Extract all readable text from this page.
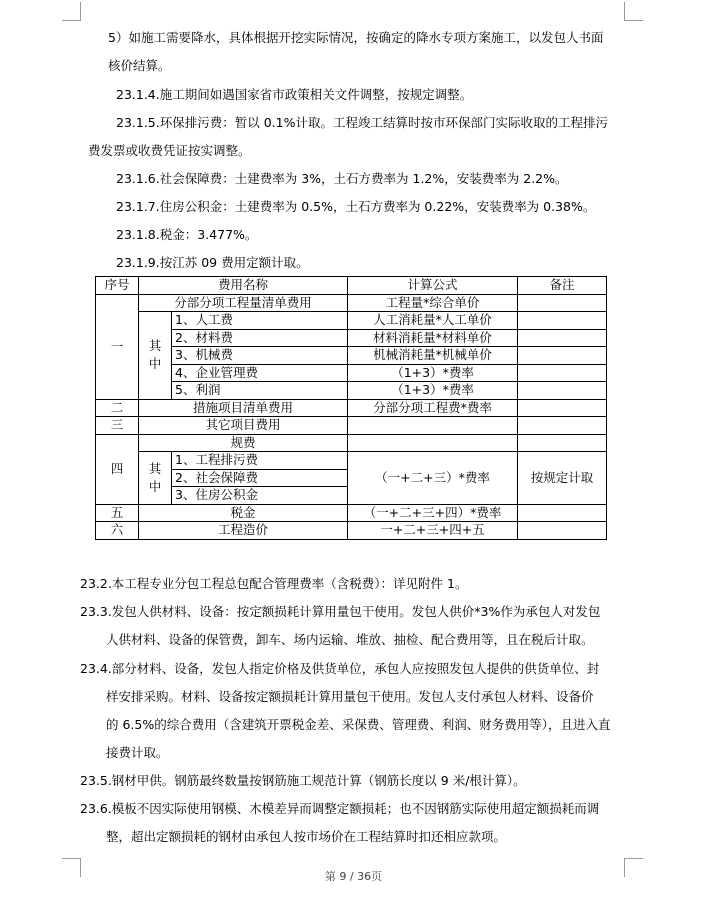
5）如施工需要降水，具体根据开挖实际情况，按确定的降水专项方案施工，以发包人书面
核价结算。
23.1.4.施工期间如遇国家省市政策相关文件调整，按规定调整。
23.1.5.环保排污费：暂以 0.1%计取。工程竣工结算时按市环保部门实际收取的工程排污
费发票或收费凭证按实调整。
23.1.6.社会保障费：土建费率为 3%，土石方费率为 1.2%，安装费率为 2.2%。
23.1.7.住房公积金：土建费率为 0.5%，土石方费率为 0.22%，安装费率为 0.38%。
23.1.8.税金：3.477%。
23.1.9.按江苏 09 费用定额计取。
序号	费用名称		计算公式	备注
一	分部分项工程量清单费用		工程量*综合单价	
	其中	1、人工费	人工消耗量*人工单价	
		2、材料费	材料消耗量*材料单价	
		3、机械费	机械消耗量*机械单价	
		4、企业管理费	（1+3）*费率	
		5、利润	（1+3）*费率	
二	措施项目清单费用		分部分项工程费*费率	
三	其它项目费用			
四	规费			
	其中	1、工程排污费	（一+二+三）*费率	按规定计取
		2、社会保障费		
		3、住房公积金		
五	税金		（一+二+三+四）*费率	
六	工程造价		一+二+三+四+五	
23.2.本工程专业分包工程总包配合管理费率（含税费）：详见附件 1。
23.3.发包人供材料、设备：按定额损耗计算用量包干使用。发包人供价*3%作为承包人对发包
人供材料、设备的保管费，卸车、场内运输、堆放、抽检、配合费用等，且在税后计取。
23.4.部分材料、设备，发包人指定价格及供货单位，承包人应按照发包人提供的供货单位、封
样安排采购。材料、设备按定额损耗计算用量包干使用。发包人支付承包人材料、设备价
的 6.5%的综合费用（含建筑开票税金差、采保费、管理费、利润、财务费用等），且进入直
接费计取。
23.5.钢材甲供。钢筋最终数量按钢筋施工规范计算（钢筋长度以 9 米/根计算）。
23.6.模板不因实际使用钢模、木模差异而调整定额损耗；也不因钢筋实际使用超定额损耗而调
整，超出定额损耗的钢材由承包人按市场价在工程结算时扣还相应款项。
第 9 / 36页
